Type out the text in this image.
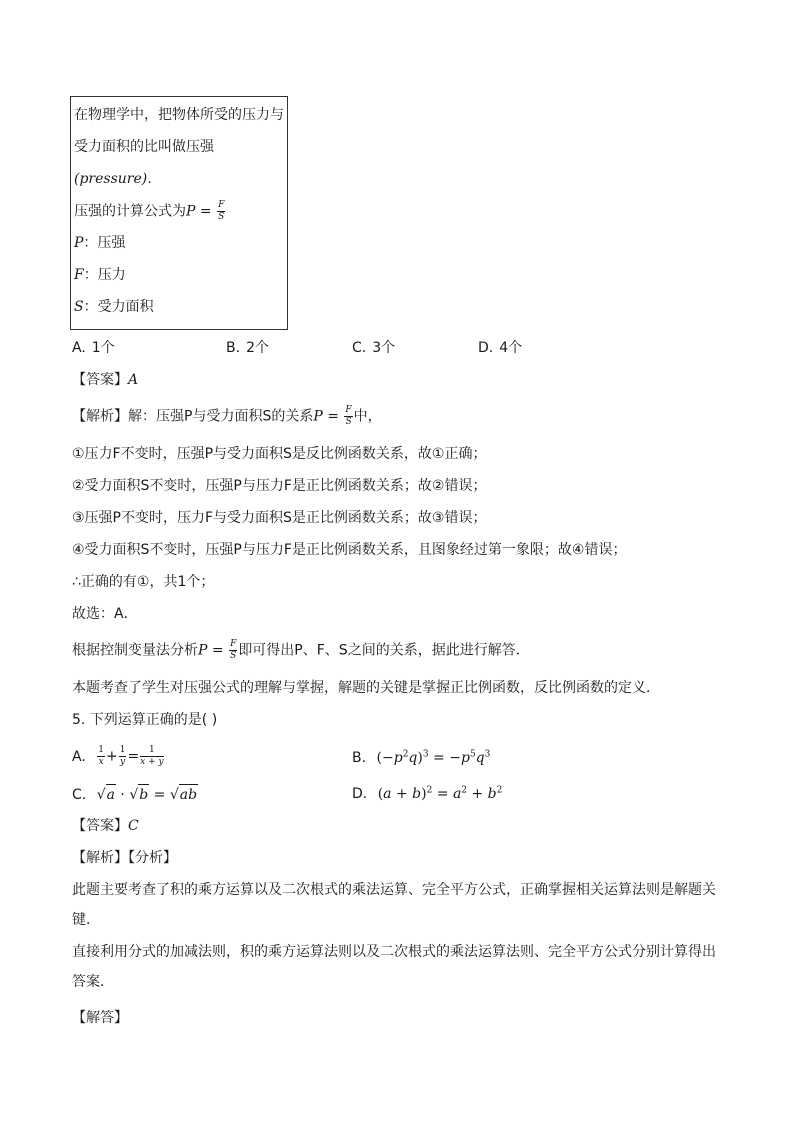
在物理学中，把物体所受的压力与
受力面积的比叫做压强
(pressure)．
压强的计算公式为$P = \frac{F}{S}$
P：压强
F：压力
S：受力面积
A. 1个	B. 2个	C. 3个	D. 4个
【答案】A
【解析】解：压强P与受力面积S的关系$P = \frac{F}{S}$ 中，
①压力F不变时，压强P与受力面积S是反比例函数关系，故①正确；
②受力面积S不变时，压强P与压力F是正比例函数关系；故②错误；
③压强P不变时，压力F与受力面积S是正比例函数关系；故③错误；
④受力面积S不变时，压强P与压力F是正比例函数关系，且图象经过第一象限；故④错误；
∴正确的有①，共1个；
故选：A．
根据控制变量法分析$P = \frac{F}{S}$ 即可得出P、F、S之间的关系，据此进行解答．
本题考查了学生对压强公式的理解与掌握，解题的关键是掌握正比例函数，反比例函数的定义．
5. 下列运算正确的是( )
A. $\frac{1}{x} + \frac{1}{y} = \frac{1}{x + y}$	B. $(-p^2q)^3 = -p^5q^3$
C. √a · √b = √ab	D. $(a + b)^2 = a^2 + b^2$
【答案】C
【解析】【分析】
此题主要考查了积的乘方运算以及二次根式的乘法运算、完全平方公式，正确掌握相关运算法则是解题关
键．
直接利用分式的加减法则，积的乘方运算法则以及二次根式的乘法运算法则、完全平方公式分别计算得出
答案．
【解答】
